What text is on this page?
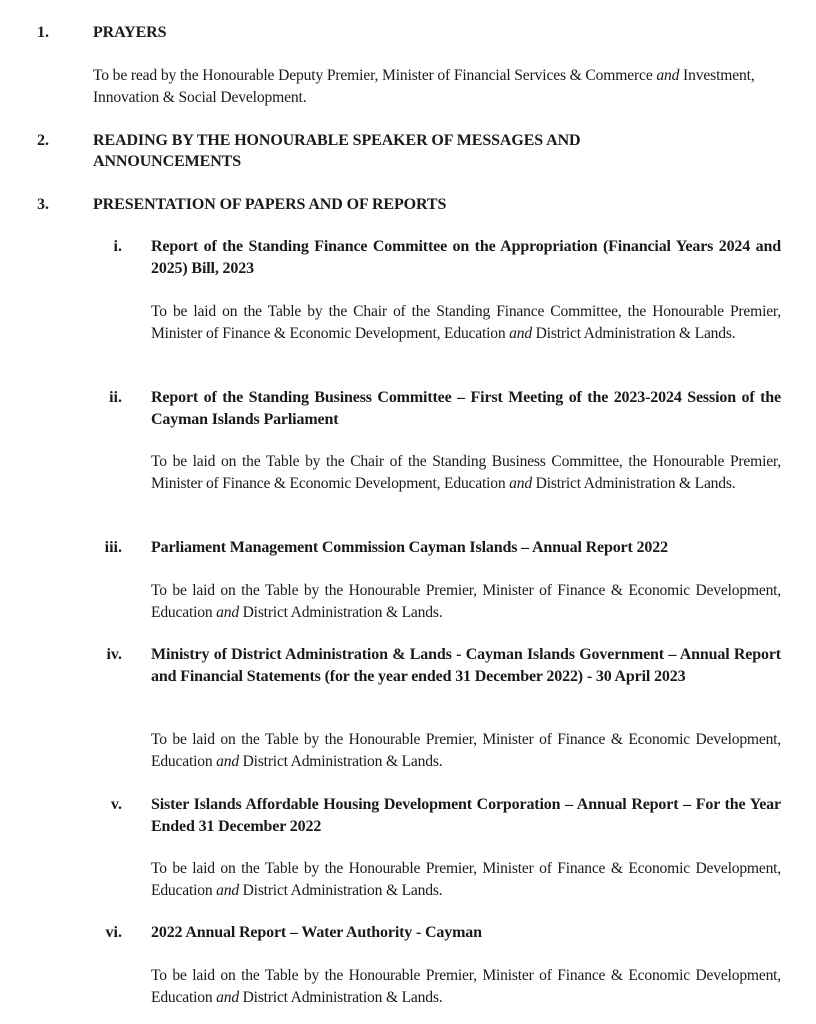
1.	PRAYERS
To be read by the Honourable Deputy Premier, Minister of Financial Services & Commerce and Investment, Innovation & Social Development.
2.	READING BY THE HONOURABLE SPEAKER OF MESSAGES AND ANNOUNCEMENTS
3.	PRESENTATION OF PAPERS AND OF REPORTS
i. Report of the Standing Finance Committee on the Appropriation (Financial Years 2024 and 2025) Bill, 2023
To be laid on the Table by the Chair of the Standing Finance Committee, the Honourable Premier, Minister of Finance & Economic Development, Education and District Administration & Lands.
ii. Report of the Standing Business Committee – First Meeting of the 2023-2024 Session of the Cayman Islands Parliament
To be laid on the Table by the Chair of the Standing Business Committee, the Honourable Premier, Minister of Finance & Economic Development, Education and District Administration & Lands.
iii. Parliament Management Commission Cayman Islands – Annual Report 2022
To be laid on the Table by the Honourable Premier, Minister of Finance & Economic Development, Education and District Administration & Lands.
iv. Ministry of District Administration & Lands - Cayman Islands Government – Annual Report and Financial Statements (for the year ended 31 December 2022) - 30 April 2023
To be laid on the Table by the Honourable Premier, Minister of Finance & Economic Development, Education and District Administration & Lands.
v. Sister Islands Affordable Housing Development Corporation – Annual Report – For the Year Ended 31 December 2022
To be laid on the Table by the Honourable Premier, Minister of Finance & Economic Development, Education and District Administration & Lands.
vi. 2022 Annual Report – Water Authority - Cayman
To be laid on the Table by the Honourable Premier, Minister of Finance & Economic Development, Education and District Administration & Lands.
